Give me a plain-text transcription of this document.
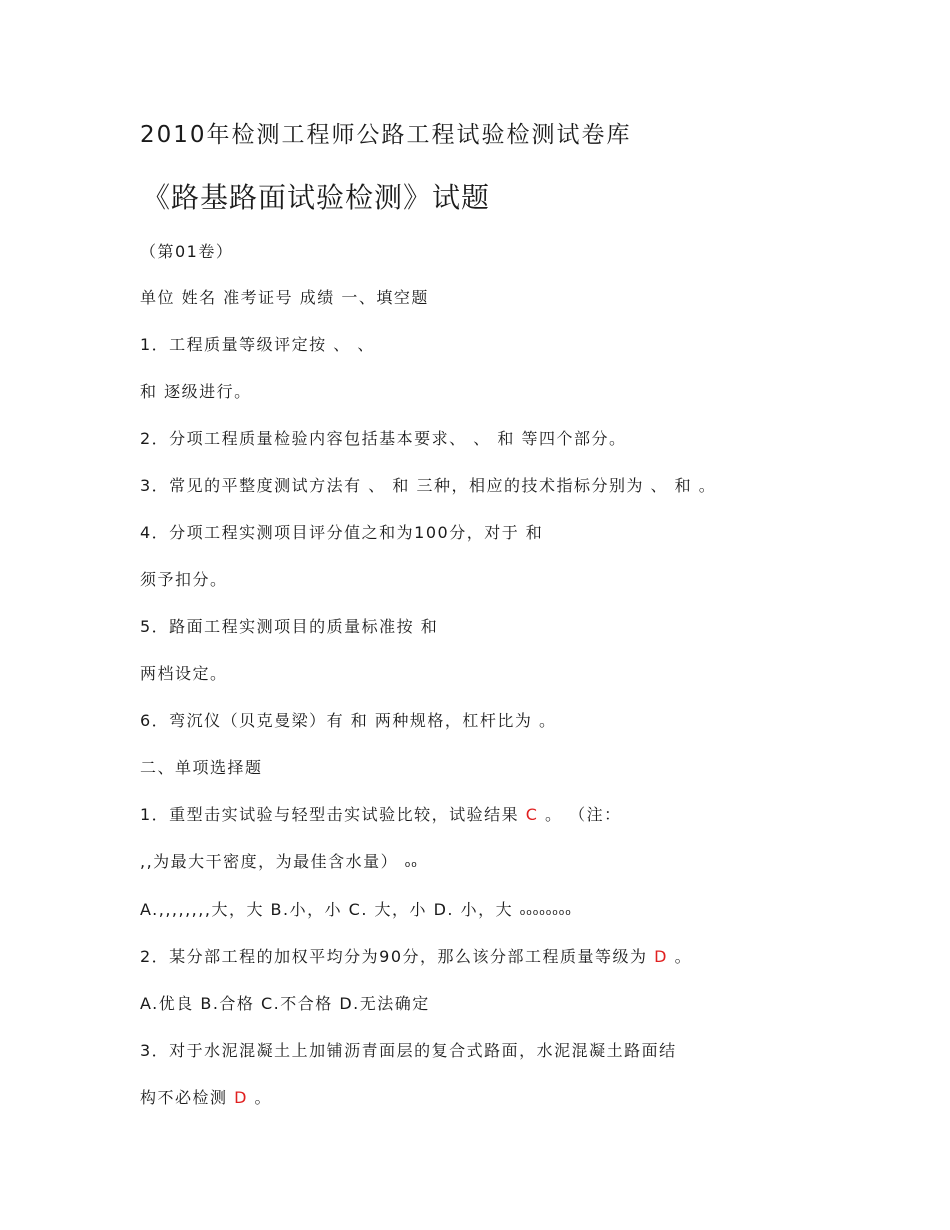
2010年检测工程师公路工程试验检测试卷库
《路基路面试验检测》试题
（第01卷）
单位 姓名 准考证号 成绩 一、填空题
1．工程质量等级评定按 、 、
和 逐级进行。
2．分项工程质量检验内容包括基本要求、 、 和 等四个部分。
3．常见的平整度测试方法有 、 和 三种，相应的技术指标分别为 、 和 。
4．分项工程实测项目评分值之和为100分，对于 和
须予扣分。
5．路面工程实测项目的质量标准按 和
两档设定。
6．弯沉仪（贝克曼梁）有 和 两种规格，杠杆比为 。
二、单项选择题
1．重型击实试验与轻型击实试验比较，试验结果 C 。 （注：
,,为最大干密度，为最佳含水量） oo
A.,,,,,,,,大，大 B.小，小 C. 大，小 D. 小，大 oooooooo
2．某分部工程的加权平均分为90分，那么该分部工程质量等级为 D 。
A.优良 B.合格 C.不合格 D.无法确定
3．对于水泥混凝土上加铺沥青面层的复合式路面，水泥混凝土路面结
构不必检测 D 。
